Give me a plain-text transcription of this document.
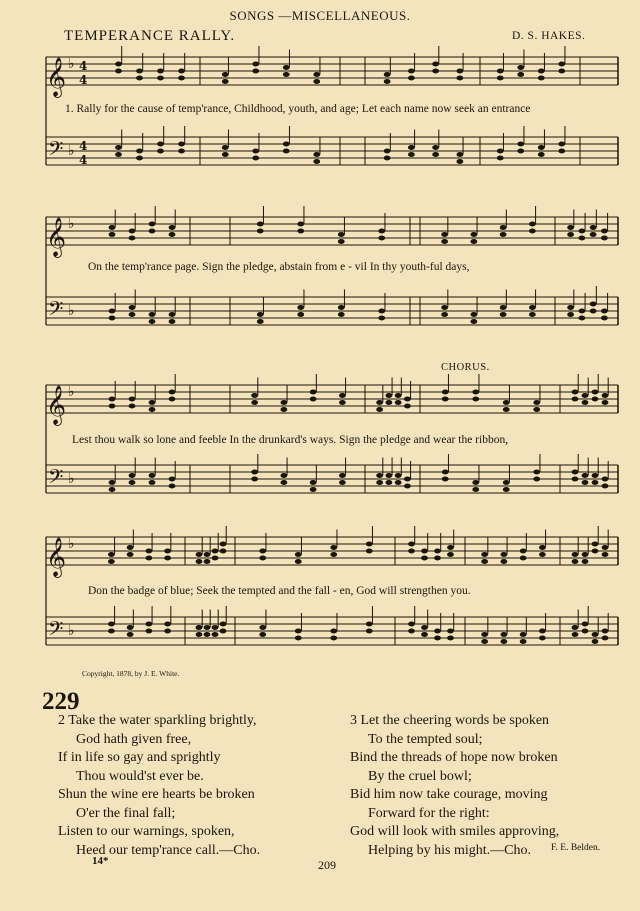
SONGS —MISCELLANEOUS.
TEMPERANCE RALLY.	D. S. HAKES.
𝄞 ♭ 4
4
𝄢 ♭ 4
4
1. Rally for the cause of temp'rance, Childhood, youth, and age; Let each name now seek an entrance
𝄞 ♭
𝄢 ♭
On the temp'rance page. Sign the pledge, abstain from e - vil In thy youth-ful days,
CHORUS.
𝄞 ♭
𝄢 ♭
Lest thou walk so lone and feeble In the drunkard's ways. Sign the pledge and wear the ribbon,
𝄞 ♭
𝄢 ♭
Don the badge of blue; Seek the tempted and the fall - en, God will strengthen you.
Copyright, 1878, by J. E. White.
229
2 Take the water sparkling brightly,
God hath given free,
If in life so gay and sprightly
Thou would'st ever be.
Shun the wine ere hearts be broken
O'er the final fall;
Listen to our warnings, spoken,
Heed our temp'rance call.—Cho.
3 Let the cheering words be spoken
To the tempted soul;
Bind the threads of hope now broken
By the cruel bowl;
Bid him now take courage, moving
Forward for the right:
God will look with smiles approving,
Helping by his might.—Cho.	F. E. Belden.
14*	209
